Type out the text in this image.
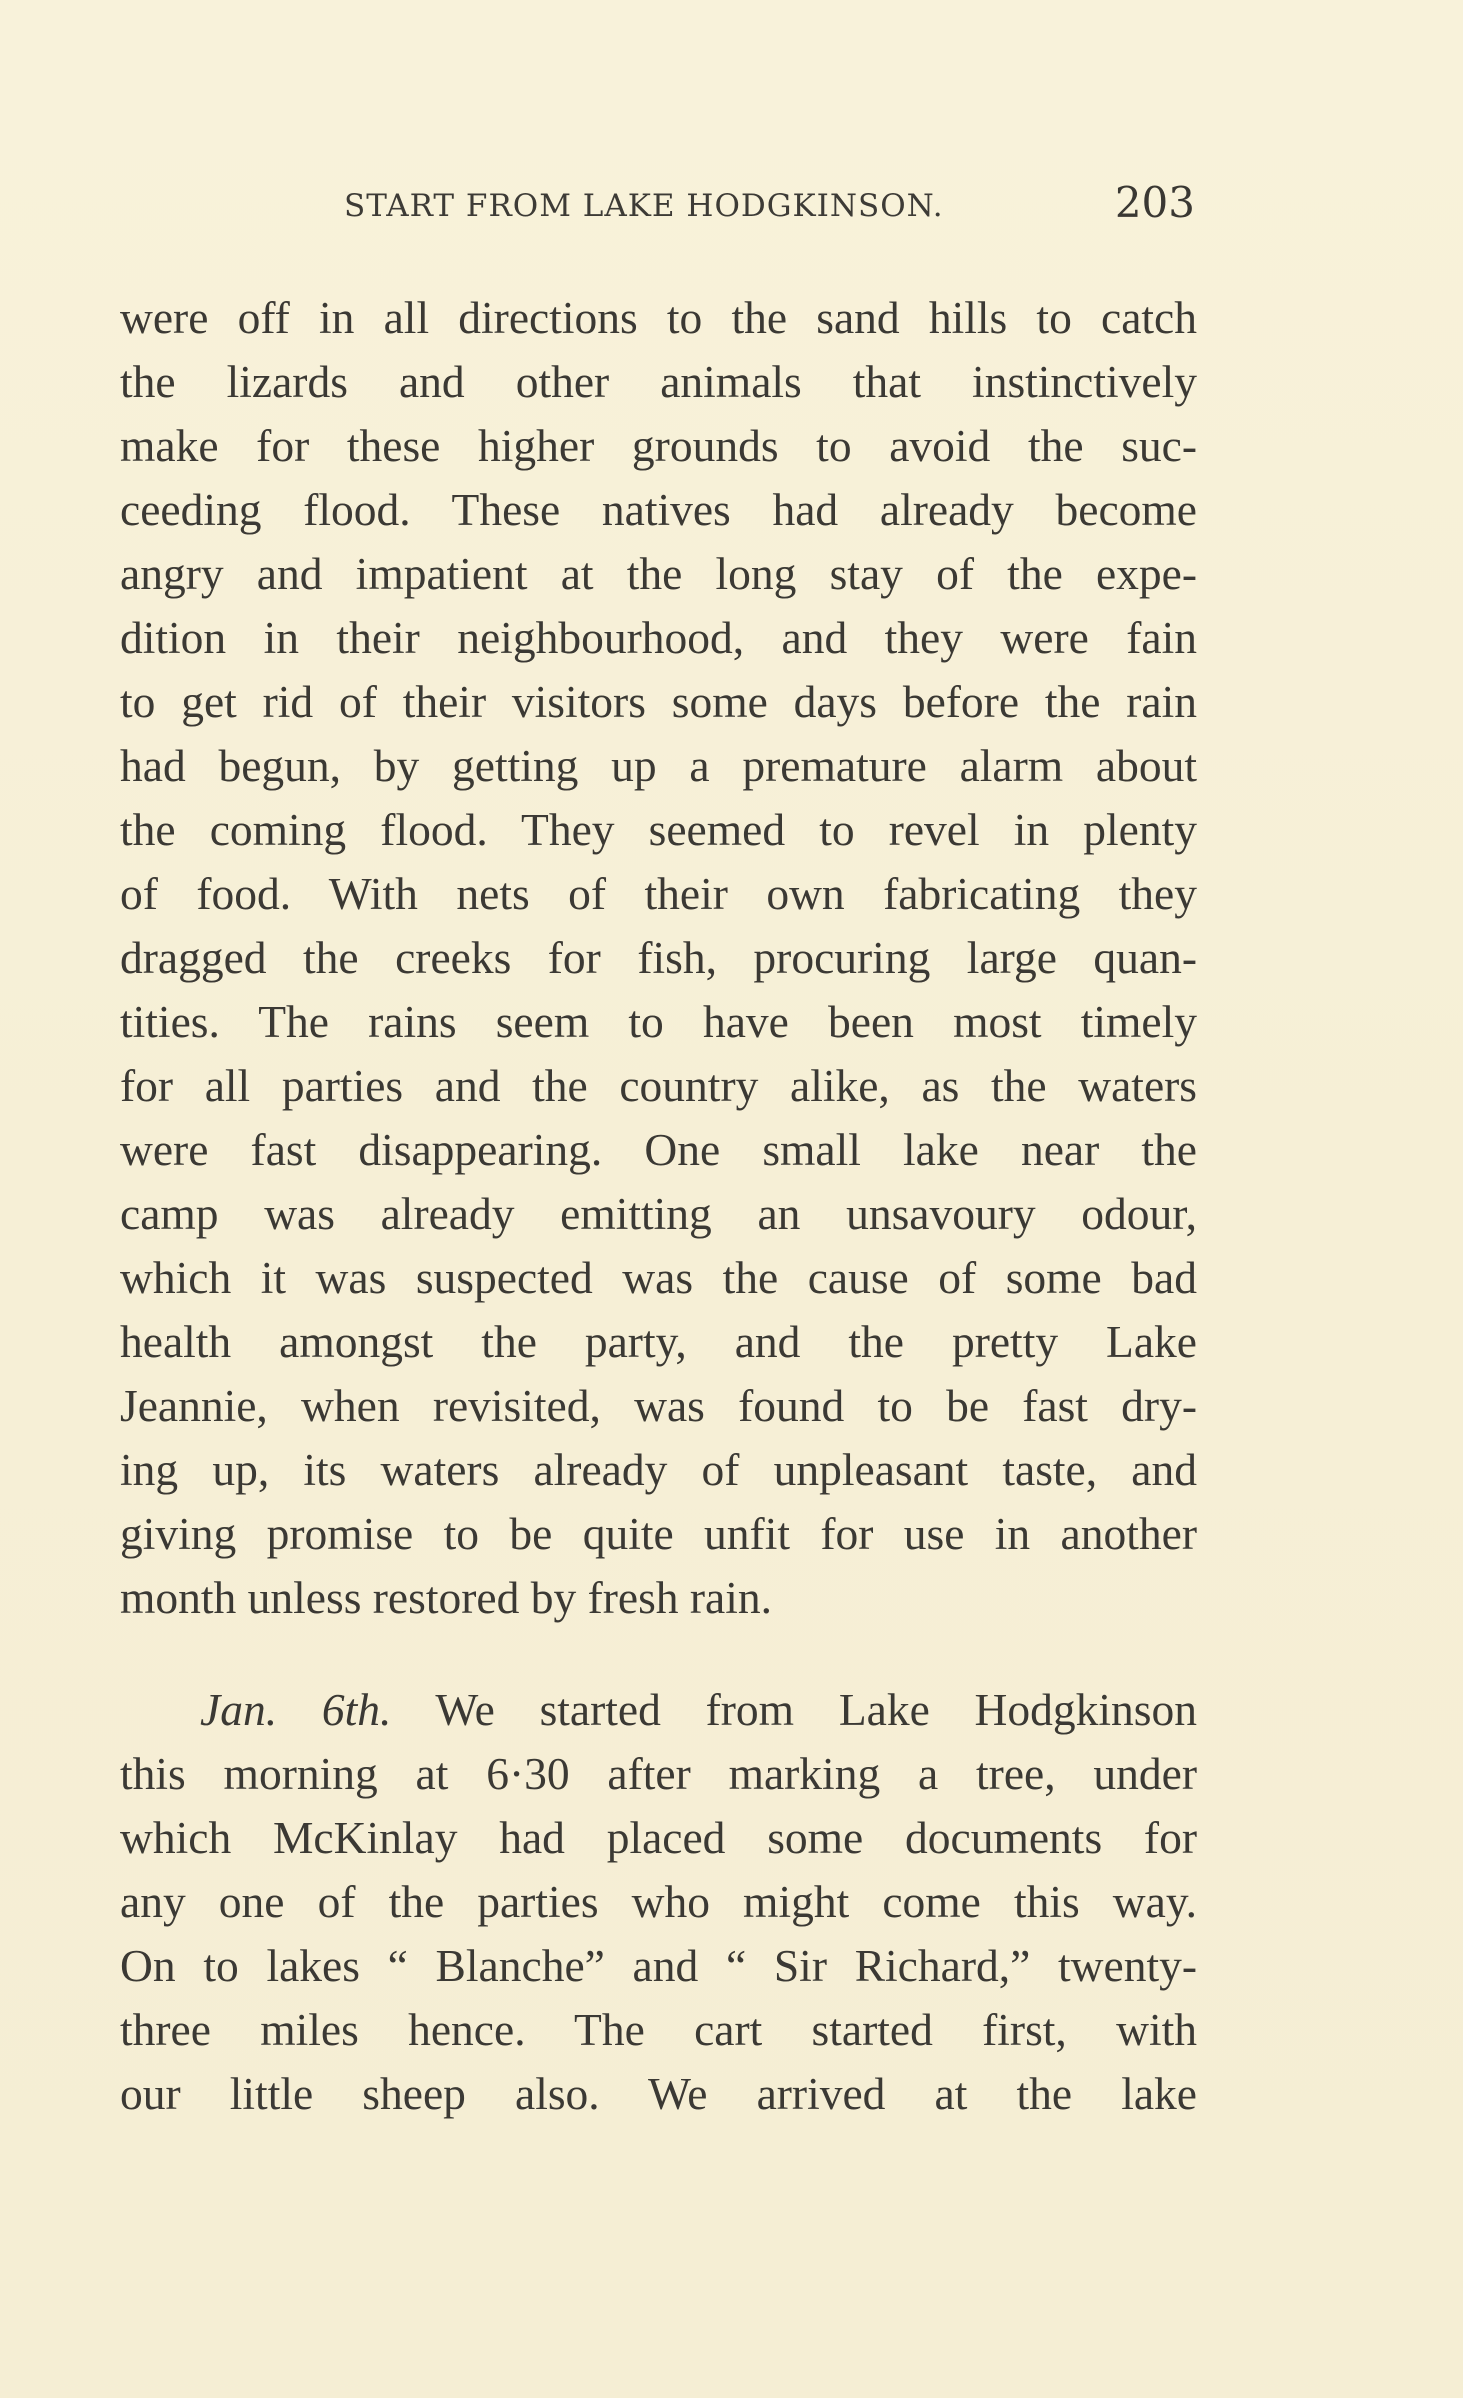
START FROM LAKE HODGKINSON.	203
were off in all directions to the sand hills to catch
the lizards and other animals that instinctively
make for these higher grounds to avoid the suc-
ceeding flood. These natives had already become
angry and impatient at the long stay of the expe-
dition in their neighbourhood, and they were fain
to get rid of their visitors some days before the rain
had begun, by getting up a premature alarm about
the coming flood. They seemed to revel in plenty
of food. With nets of their own fabricating they
dragged the creeks for fish, procuring large quan-
tities. The rains seem to have been most timely
for all parties and the country alike, as the waters
were fast disappearing. One small lake near the
camp was already emitting an unsavoury odour,
which it was suspected was the cause of some bad
health amongst the party, and the pretty Lake
Jeannie, when revisited, was found to be fast dry-
ing up, its waters already of unpleasant taste, and
giving promise to be quite unfit for use in another
month unless restored by fresh rain.
Jan. 6th. We started from Lake Hodgkinson
this morning at 6·30 after marking a tree, under
which McKinlay had placed some documents for
any one of the parties who might come this way.
On to lakes “ Blanche” and “ Sir Richard,” twenty-
three miles hence. The cart started first, with
our little sheep also. We arrived at the lake
